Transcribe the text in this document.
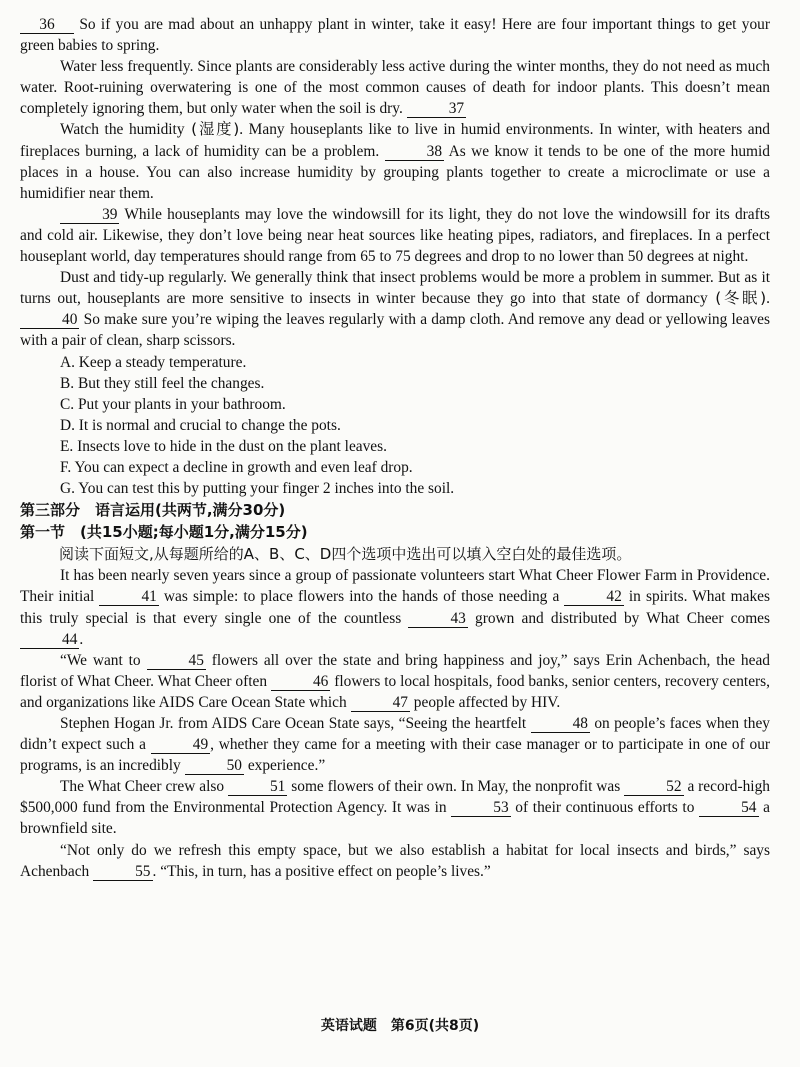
36 So if you are mad about an unhappy plant in winter, take it easy! Here are four important things to get your green babies to spring.

Water less frequently. Since plants are considerably less active during the winter months, they do not need as much water. Root-ruining overwatering is one of the most common causes of death for indoor plants. This doesn’t mean completely ignoring them, but only water when the soil is dry.	37

Watch the humidity (湿度). Many houseplants like to live in humid environments. In winter, with heaters and fireplaces burning, a lack of humidity can be a problem.	38 As we know it tends to be one of the more humid places in a house. You can also increase humidity by grouping plants together to create a microclimate or use a humidifier near them.

39 While houseplants may love the windowsill for its light, they do not love the windowsill for its drafts and cold air. Likewise, they don’t love being near heat sources like heating pipes, radiators, and fireplaces. In a perfect houseplant world, day temperatures should range from 65 to 75 degrees and drop to no lower than 50 degrees at night.

Dust and tidy-up regularly. We generally think that insect problems would be more a problem in summer. But as it turns out, houseplants are more sensitive to insects in winter because they go into that state of dormancy (冬眠). 40 So make sure you’re wiping the leaves regularly with a damp cloth. And remove any dead or yellowing leaves with a pair of clean, sharp scissors.

A. Keep a steady temperature.

B. But they still feel the changes.

C. Put your plants in your bathroom.

D. It is normal and crucial to change the pots.

E. Insects love to hide in the dust on the plant leaves.

F. You can expect a decline in growth and even leaf drop.

G. You can test this by putting your finger 2 inches into the soil.

第三部分　语言运用(共两节,满分30分)

第一节　(共15小题;每小题1分,满分15分)

阅读下面短文,从每题所给的A、B、C、D四个选项中选出可以填入空白处的最佳选项。

It has been nearly seven years since a group of passionate volunteers start What Cheer Flower Farm in Providence. Their initial	41 was simple: to place flowers into the hands of those needing a	42 in spirits. What makes this truly special is that every single one of the countless	43 grown and distributed by What Cheer comes 44 .

“We want to	45 flowers all over the state and bring happiness and joy,” says Erin Achenbach, the head florist of What Cheer. What Cheer often	46 flowers to local hospitals, food banks, senior centers, recovery centers, and organizations like AIDS Care Ocean State which	47 people affected by HIV.

Stephen Hogan Jr. from AIDS Care Ocean State says, “Seeing the heartfelt	48 on people’s faces when they didn’t expect such a	49 , whether they came for a meeting with their case manager or to participate in one of our programs, is an incredibly	50 experience.”

The What Cheer crew also	51 some flowers of their own. In May, the nonprofit was	52 a record-high $500,000 fund from the Environmental Protection Agency. It was in	53 of their continuous efforts to	54 a brownfield site.

“Not only do we refresh this empty space, but we also establish a habitat for local insects and birds,” says Achenbach	55 . “This, in turn, has a positive effect on people’s lives.”

英语试题　第6页(共8页)
